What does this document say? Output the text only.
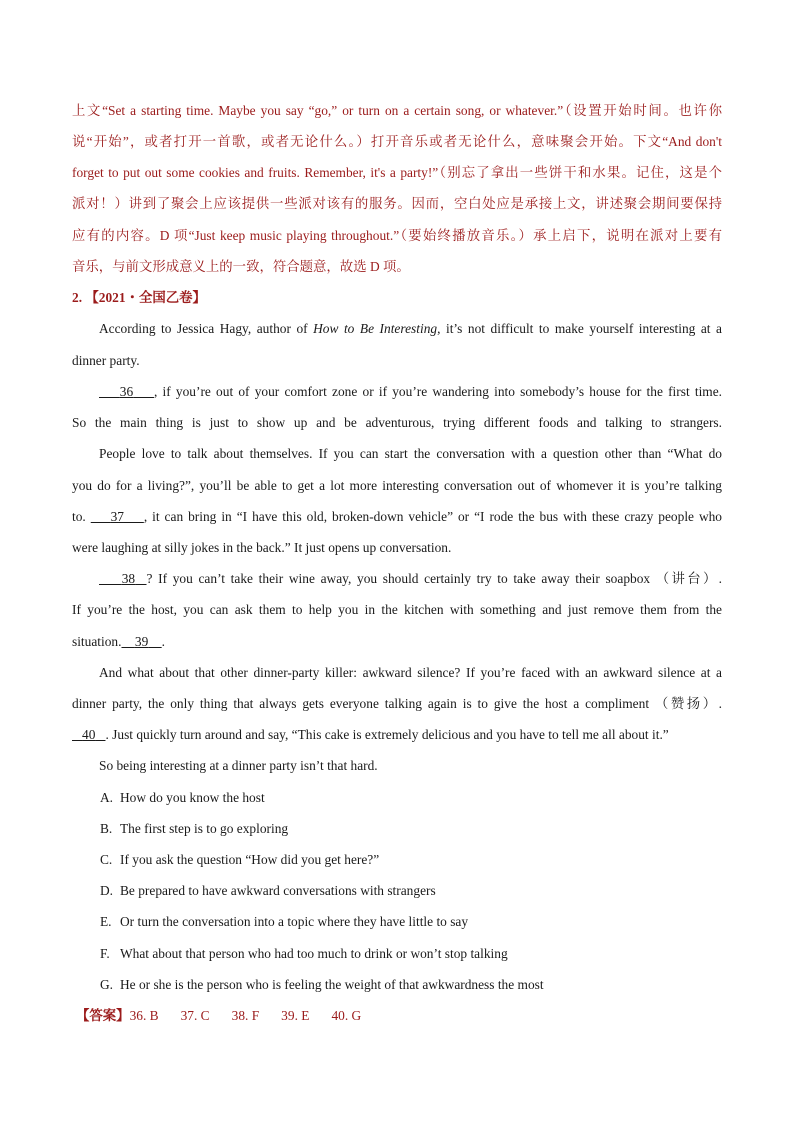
上文“Set a starting time. Maybe you say “go,” or turn on a certain song, or whatever.”（设置开始时间。也许你
说“开始”，或者打开一首歌，或者无论什么。）打开音乐或者无论什么，意味聚会开始。下文“And don't
forget to put out some cookies and fruits. Remember, it's a party!”（别忘了拿出一些饼干和水果。记住，这是个
派对！）讲到了聚会上应该提供一些派对该有的服务。因而，空白处应是承接上文，讲述聚会期间要保持
应有的内容。D 项“Just keep music playing throughout.”（要始终播放音乐。）承上启下，说明在派对上要有
音乐，与前文形成意义上的一致，符合题意，故选 D 项。
2. 【2021・全国乙卷】
According to Jessica Hagy, author of How to Be Interesting, it’s not difficult to make yourself interesting at a
dinner party.
36 , if you’re out of your comfort zone or if you’re wandering into somebody’s house for the first time.
So the main thing is just to show up and be adventurous, trying different foods and talking to strangers.
People love to talk about themselves. If you can start the conversation with a question other than “What do
you do for a living?”, you’ll be able to get a lot more interesting conversation out of whomever it is you’re talking
to. 37 , it can bring in “I have this old, broken-down vehicle” or “I rode the bus with these crazy people who
were laughing at silly jokes in the back.” It just opens up conversation.
38 ? If you can’t take their wine away, you should certainly try to take away their soapbox （讲台）.
If you’re the host, you can ask them to help you in the kitchen with something and just remove them from the
situation. 39 .
And what about that other dinner-party killer: awkward silence? If you’re faced with an awkward silence at a
dinner party, the only thing that always gets everyone talking again is to give the host a compliment （赞扬）.
40 . Just quickly turn around and say, “This cake is extremely delicious and you have to tell me all about it.”
So being interesting at a dinner party isn’t that hard.
A. How do you know the host
B. The first step is to go exploring
C. If you ask the question “How did you get here?”
D. Be prepared to have awkward conversations with strangers
E. Or turn the conversation into a topic where they have little to say
F. What about that person who had too much to drink or won’t stop talking
G. He or she is the person who is feeling the weight of that awkwardness the most
【答案】36. B 37. C 38. F 39. E 40. G
